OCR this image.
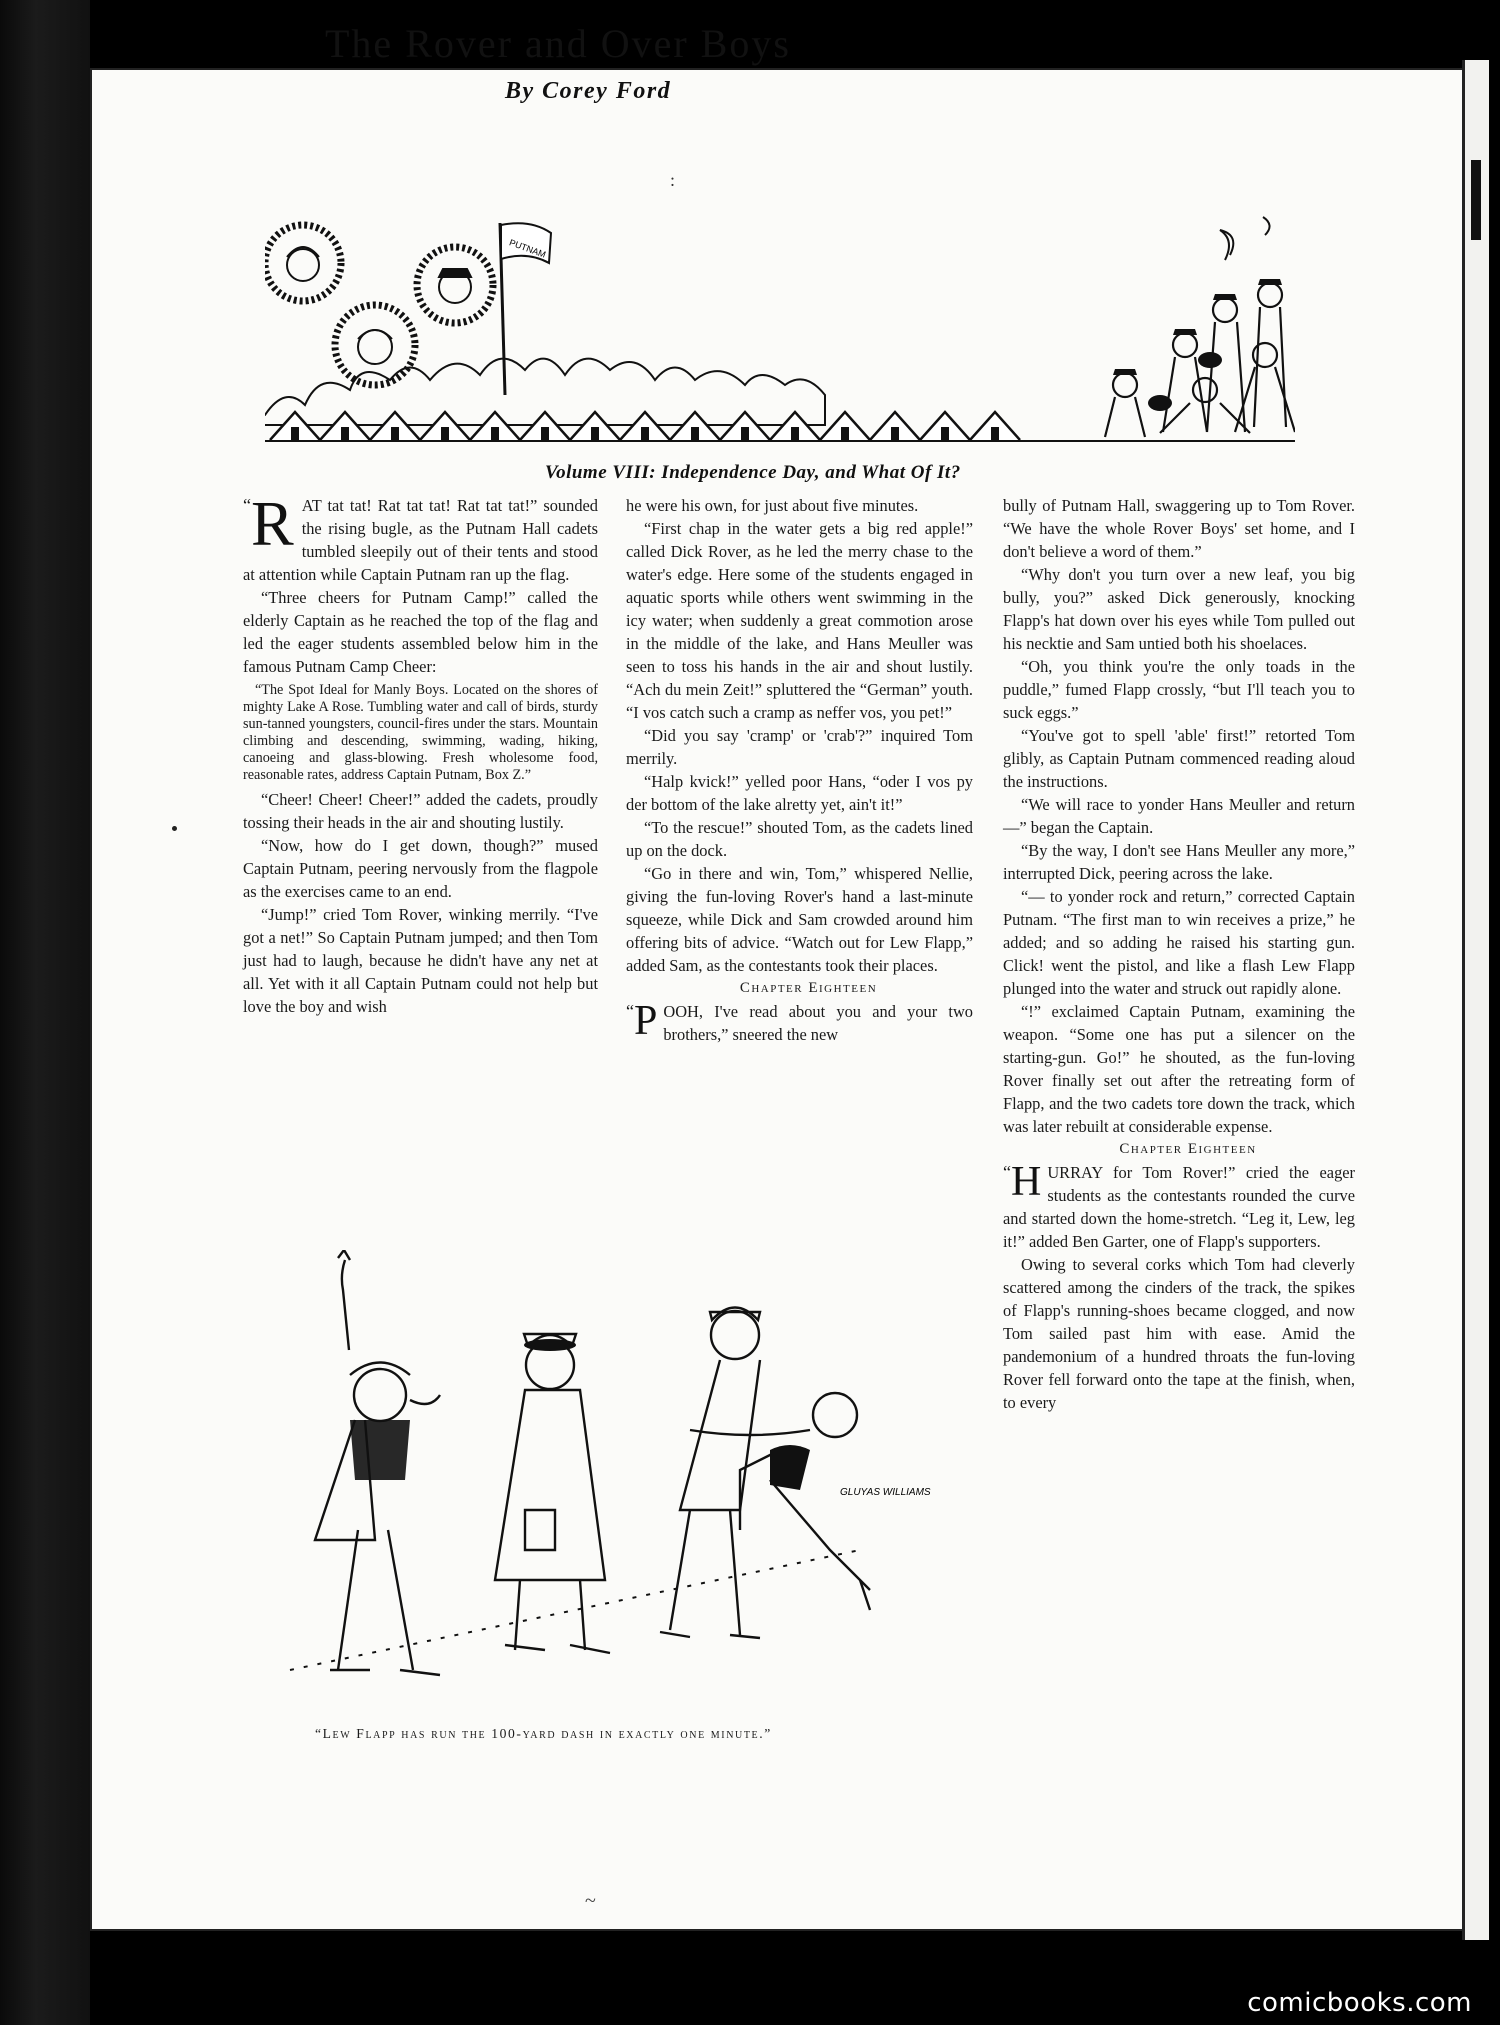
:
PUTNAM
The Rover and Over Boys
By Corey Ford
Volume VIII: Independence Day, and What Of It?

“ R AT tat tat! Rat tat tat! Rat tat tat!” sounded the rising bugle, as the Putnam Hall cadets tumbled sleepily out of their tents and stood at attention while Captain Putnam ran up the flag.

“Three cheers for Putnam Camp!” called the elderly Captain as he reached the top of the flag and led the eager students assembled below him in the famous Putnam Camp Cheer:

“The Spot Ideal for Manly Boys. Located on the shores of mighty Lake A Rose. Tumbling water and call of birds, sturdy sun-tanned youngsters, council-fires under the stars. Mountain climbing and descending, swimming, wading, hiking, canoeing and glass-blowing. Fresh wholesome food, reasonable rates, address Captain Putnam, Box Z.”

“Cheer! Cheer! Cheer!” added the cadets, proudly tossing their heads in the air and shouting lustily.

“Now, how do I get down, though?” mused Captain Putnam, peering nervously from the flagpole as the exercises came to an end.

“Jump!” cried Tom Rover, winking merrily. “I've got a net!” So Captain Putnam jumped; and then Tom just had to laugh, because he didn't have any net at all. Yet with it all Captain Putnam could not help but love the boy and wish

he were his own, for just about five minutes.

“First chap in the water gets a big red apple!” called Dick Rover, as he led the merry chase to the water's edge. Here some of the students engaged in aquatic sports while others went swimming in the icy water; when suddenly a great commotion arose in the middle of the lake, and Hans Meuller was seen to toss his hands in the air and shout lustily. “Ach du mein Zeit!” spluttered the “German” youth. “I vos catch such a cramp as neffer vos, you pet!”

“Did you say 'cramp' or 'crab'?” inquired Tom merrily.

“Halp kvick!” yelled poor Hans, “oder I vos py der bottom of the lake alretty yet, ain't it!”

“To the rescue!” shouted Tom, as the cadets lined up on the dock.

“Go in there and win, Tom,” whispered Nellie, giving the fun-loving Rover's hand a last-minute squeeze, while Dick and Sam crowded around him offering bits of advice. “Watch out for Lew Flapp,” added Sam, as the contestants took their places.

Chapter Eighteen

“ P OOH, I've read about you and your two brothers,” sneered the new

bully of Putnam Hall, swaggering up to Tom Rover. “We have the whole Rover Boys' set home, and I don't believe a word of them.”

“Why don't you turn over a new leaf, you big bully, you?” asked Dick generously, knocking Flapp's hat down over his eyes while Tom pulled out his necktie and Sam untied both his shoelaces.

“Oh, you think you're the only toads in the puddle,” fumed Flapp crossly, “but I'll teach you to suck eggs.”

“You've got to spell 'able' first!” retorted Tom glibly, as Captain Putnam commenced reading aloud the instructions.

“We will race to yonder Hans Meuller and return—” began the Captain.

“By the way, I don't see Hans Meuller any more,” interrupted Dick, peering across the lake.

“— to yonder rock and return,” corrected Captain Putnam. “The first man to win receives a prize,” he added; and so adding he raised his starting gun. Click! went the pistol, and like a flash Lew Flapp plunged into the water and struck out rapidly alone.

“!” exclaimed Captain Putnam, examining the weapon. “Some one has put a silencer on the starting-gun. Go!” he shouted, as the fun-loving Rover finally set out after the retreating form of Flapp, and the two cadets tore down the track, which was later rebuilt at considerable expense.

Chapter Eighteen

“ H URRAY for Tom Rover!” cried the eager students as the contestants rounded the curve and started down the home-stretch. “Leg it, Lew, leg it!” added Ben Garter, one of Flapp's supporters.

Owing to several corks which Tom had cleverly scattered among the cinders of the track, the spikes of Flapp's running-shoes became clogged, and now Tom sailed past him with ease. Amid the pandemonium of a hundred throats the fun-loving Rover fell forward onto the tape at the finish, when, to every

GLUYAS WILLIAMS
“Lew Flapp has run the 100-yard dash in exactly one minute.”
~
comicbooks.com
